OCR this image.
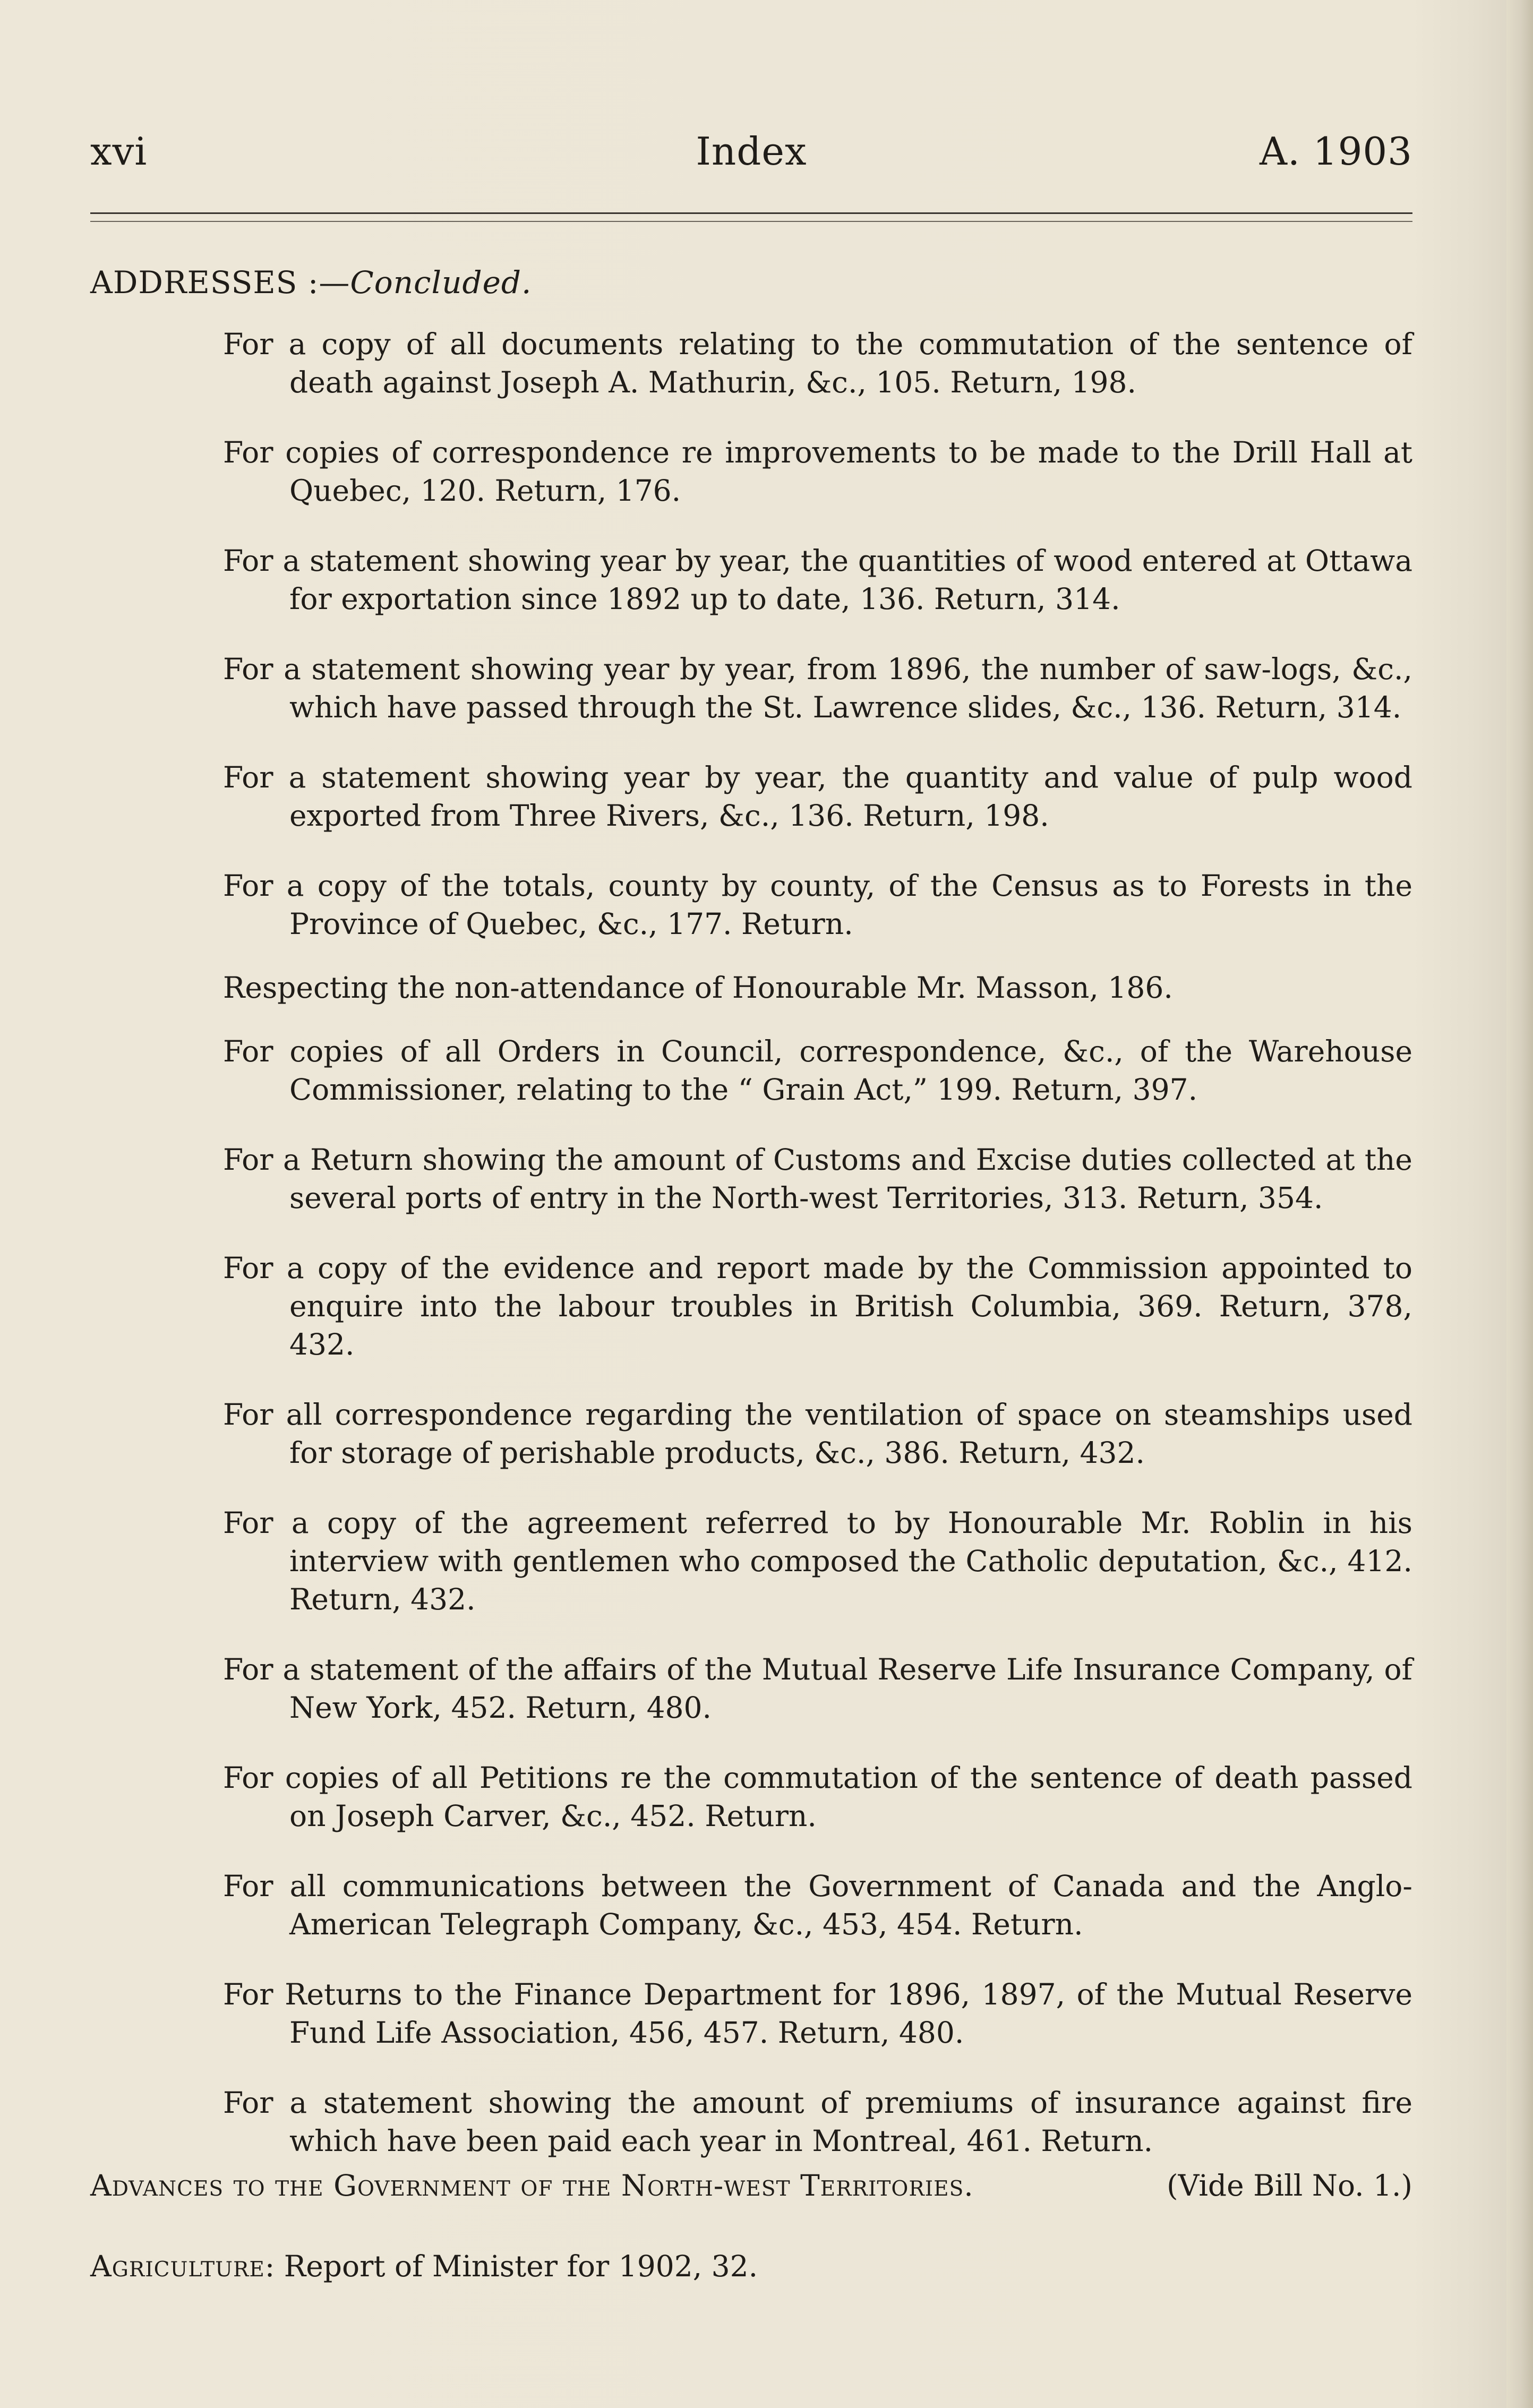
Index
xvi	A. 1903
ADDRESSES :—Concluded.
For a copy of all documents relating to the commutation of the sentence of death against Joseph A. Mathurin, &c., 105. Return, 198.
For copies of correspondence re improvements to be made to the Drill Hall at Quebec, 120. Return, 176.
For a statement showing year by year, the quantities of wood entered at Ottawa for exportation since 1892 up to date, 136. Return, 314.
For a statement showing year by year, from 1896, the number of saw-logs, &c., which have passed through the St. Lawrence slides, &c., 136. Return, 314.
For a statement showing year by year, the quantity and value of pulp wood exported from Three Rivers, &c., 136. Return, 198.
For a copy of the totals, county by county, of the Census as to Forests in the Province of Quebec, &c., 177. Return.
Respecting the non-attendance of Honourable Mr. Masson, 186.
For copies of all Orders in Council, correspondence, &c., of the Warehouse Commissioner, relating to the “ Grain Act,” 199. Return, 397.
For a Return showing the amount of Customs and Excise duties collected at the several ports of entry in the North-west Territories, 313. Return, 354.
For a copy of the evidence and report made by the Commission appointed to enquire into the labour troubles in British Columbia, 369. Return, 378, 432.
For all correspondence regarding the ventilation of space on steamships used for storage of perishable products, &c., 386. Return, 432.
For a copy of the agreement referred to by Honourable Mr. Roblin in his interview with gentlemen who composed the Catholic deputation, &c., 412. Return, 432.
For a statement of the affairs of the Mutual Reserve Life Insurance Company, of New York, 452. Return, 480.
For copies of all Petitions re the commutation of the sentence of death passed on Joseph Carver, &c., 452. Return.
For all communications between the Government of Canada and the Anglo-American Telegraph Company, &c., 453, 454. Return.
For Returns to the Finance Department for 1896, 1897, of the Mutual Reserve Fund Life Association, 456, 457. Return, 480.
For a statement showing the amount of premiums of insurance against fire which have been paid each year in Montreal, 461. Return.
Advances to the Government of the North-west Territories.	(Vide Bill No. 1.)
Agriculture: Report of Minister for 1902, 32.
